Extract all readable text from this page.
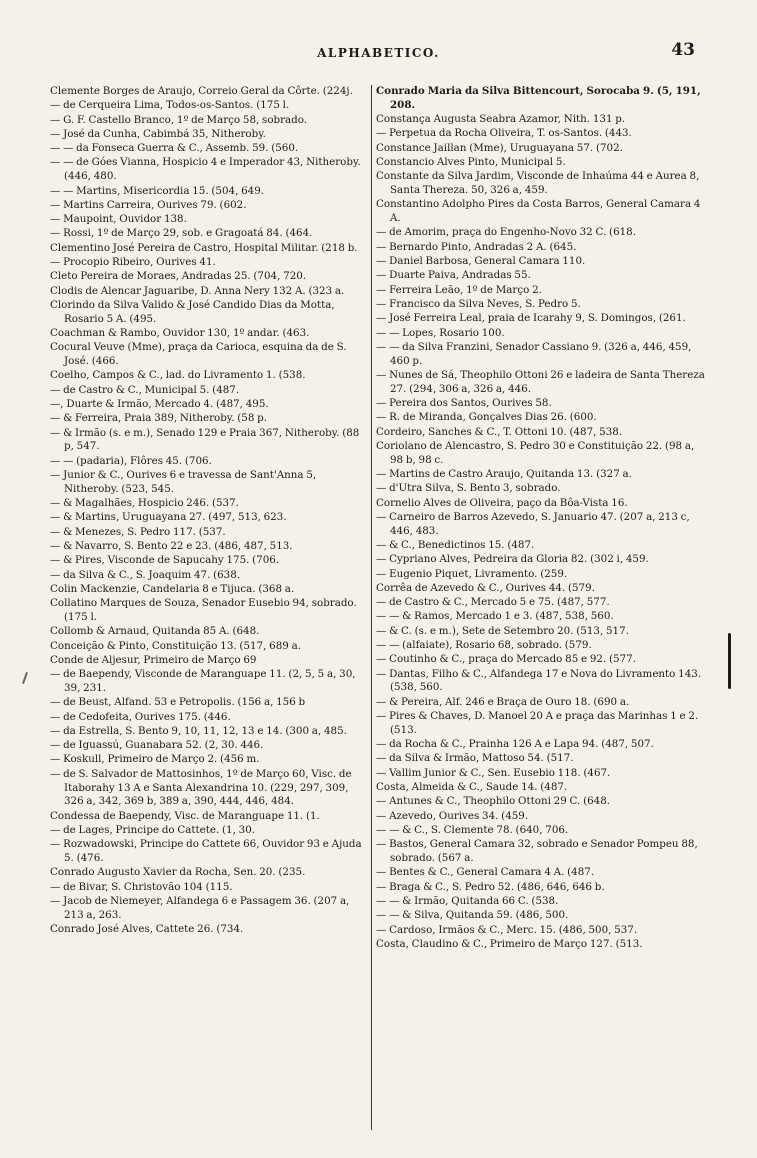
ALPHABETICO.	43
Clemente Borges de Araujo, Correio Geral da Côrte. (224j.
— de Cerqueira Lima, Todos-os-Santos. (175 l.
— G. F. Castello Branco, 1º de Março 58, sobrado.
— José da Cunha, Cabimbá 35, Nitheroby.
— — da Fonseca Guerra & C., Assemb. 59. (560.
— — de Góes Vianna, Hospicio 4 e Imperador 43, Nitheroby. (446, 480.
— — Martins, Misericordia 15. (504, 649.
— Martins Carreira, Ourives 79. (602.
— Maupoint, Ouvidor 138.
— Rossi, 1º de Março 29, sob. e Gragoatá 84. (464.
Clementino José Pereira de Castro, Hospital Militar. (218 b.
— Procopio Ribeiro, Ourives 41.
Cleto Pereira de Moraes, Andradas 25. (704, 720.
Clodis de Alencar Jaguaribe, D. Anna Nery 132 A. (323 a.
Clorindo da Silva Valido & José Candido Dias da Motta, Rosario 5 A. (495.
Coachman & Rambo, Ouvidor 130, 1º andar. (463.
Cocural Veuve (Mme), praça da Carioca, esquina da de S. José. (466.
Coelho, Campos & C., lad. do Livramento 1. (538.
— de Castro & C., Municipal 5. (487.
—, Duarte & Irmão, Mercado 4. (487, 495.
— & Ferreira, Praia 389, Nitheroby. (58 p.
— & Irmão (s. e m.), Senado 129 e Praia 367, Nitheroby. (88 p, 547.
— — (padaria), Flôres 45. (706.
— Junior & C., Ourives 6 e travessa de Sant'Anna 5, Nitheroby. (523, 545.
— & Magalhães, Hospicio 246. (537.
— & Martins, Uruguayana 27. (497, 513, 623.
— & Menezes, S. Pedro 117. (537.
— & Navarro, S. Bento 22 e 23. (486, 487, 513.
— & Pires, Visconde de Sapucahy 175. (706.
— da Silva & C., S. Joaquim 47. (638.
Colin Mackenzie, Candelaria 8 e Tijuca. (368 a.
Collatino Marques de Souza, Senador Eusebio 94, sobrado. (175 l.
Collomb & Arnaud, Quitanda 85 A. (648.
Conceição & Pinto, Constituição 13. (517, 689 a.
Conde de Aljesur, Primeiro de Março 69
— de Baependy, Visconde de Maranguape 11. (2, 5, 5 a, 30, 39, 231.
— de Beust, Alfand. 53 e Petropolis. (156 a, 156 b
— de Cedofeita, Ourives 175. (446.
— da Estrella, S. Bento 9, 10, 11, 12, 13 e 14. (300 a, 485.
— de Iguassú, Guanabara 52. (2, 30. 446.
— Koskull, Primeiro de Março 2. (456 m.
— de S. Salvador de Mattosinhos, 1º de Março 60, Visc. de Itaborahy 13 A e Santa Alexandrina 10. (229, 297, 309, 326 a, 342, 369 b, 389 a, 390, 444, 446, 484.
Condessa de Baependy, Visc. de Maranguape 11. (1.
— de Lages, Principe do Cattete. (1, 30.
— Rozwadowski, Principe do Cattete 66, Ouvidor 93 e Ajuda 5. (476.
Conrado Augusto Xavier da Rocha, Sen. 20. (235.
— de Bivar, S. Christovão 104 (115.
— Jacob de Niemeyer, Alfandega 6 e Passagem 36. (207 a, 213 a, 263.
Conrado José Alves, Cattete 26. (734.
Conrado Maria da Silva Bittencourt, Sorocaba 9. (5, 191, 208.
Constança Augusta Seabra Azamor, Nith. 131 p.
— Perpetua da Rocha Oliveira, T. os-Santos. (443.
Constance Jaillan (Mme), Uruguayana 57. (702.
Constancio Alves Pinto, Municipal 5.
Constante da Silva Jardim, Visconde de Inhaúma 44 e Aurea 8, Santa Thereza. 50, 326 a, 459.
Constantino Adolpho Pires da Costa Barros, General Camara 4 A.
— de Amorim, praça do Engenho-Novo 32 C. (618.
— Bernardo Pinto, Andradas 2 A. (645.
— Daniel Barbosa, General Camara 110.
— Duarte Paiva, Andradas 55.
— Ferreira Leão, 1º de Março 2.
— Francisco da Silva Neves, S. Pedro 5.
— José Ferreira Leal, praia de Icarahy 9, S. Domingos, (261.
— — Lopes, Rosario 100.
— — da Silva Franzini, Senador Cassiano 9. (326 a, 446, 459, 460 p.
— Nunes de Sá, Theophilo Ottoni 26 e ladeira de Santa Thereza 27. (294, 306 a, 326 a, 446.
— Pereira dos Santos, Ourives 58.
— R. de Miranda, Gonçalves Dias 26. (600.
Cordeiro, Sanches & C., T. Ottoni 10. (487, 538.
Coriolano de Alencastro, S. Pedro 30 e Constituição 22. (98 a, 98 b, 98 c.
— Martins de Castro Araujo, Quitanda 13. (327 a.
— d'Utra Silva, S. Bento 3, sobrado.
Cornelio Alves de Oliveira, paço da Bôa-Vista 16.
— Carneiro de Barros Azevedo, S. Januario 47. (207 a, 213 c, 446, 483.
— & C., Benedictinos 15. (487.
— Cypriano Alves, Pedreira da Gloria 82. (302 i, 459.
— Eugenio Piquet, Livramento. (259.
Corrêa de Azevedo & C., Ourives 44. (579.
— de Castro & C., Mercado 5 e 75. (487, 577.
— — & Ramos, Mercado 1 e 3. (487, 538, 560.
— & C. (s. e m.), Sete de Setembro 20. (513, 517.
— — (alfaiate), Rosario 68, sobrado. (579.
— Coutinho & C., praça do Mercado 85 e 92. (577.
— Dantas, Filho & C., Alfandega 17 e Nova do Livramento 143. (538, 560.
— & Pereira, Alf. 246 e Braça de Ouro 18. (690 a.
— Pires & Chaves, D. Manoel 20 A e praça das Marinhas 1 e 2. (513.
— da Rocha & C., Prainha 126 A e Lapa 94. (487, 507.
— da Silva & Irmão, Mattoso 54. (517.
— Vallim Junior & C., Sen. Eusebio 118. (467.
Costa, Almeida & C., Saude 14. (487.
— Antunes & C., Theophilo Ottoni 29 C. (648.
— Azevedo, Ourives 34. (459.
— — & C., S. Clemente 78. (640, 706.
— Bastos, General Camara 32, sobrado e Senador Pompeu 88, sobrado. (567 a.
— Bentes & C., General Camara 4 A. (487.
— Braga & C., S. Pedro 52. (486, 646, 646 b.
— — & Irmão, Quitanda 66 C. (538.
— — & Silva, Quitanda 59. (486, 500.
— Cardoso, Irmãos & C., Merc. 15. (486, 500, 537.
Costa, Claudino & C., Primeiro de Março 127. (513.
